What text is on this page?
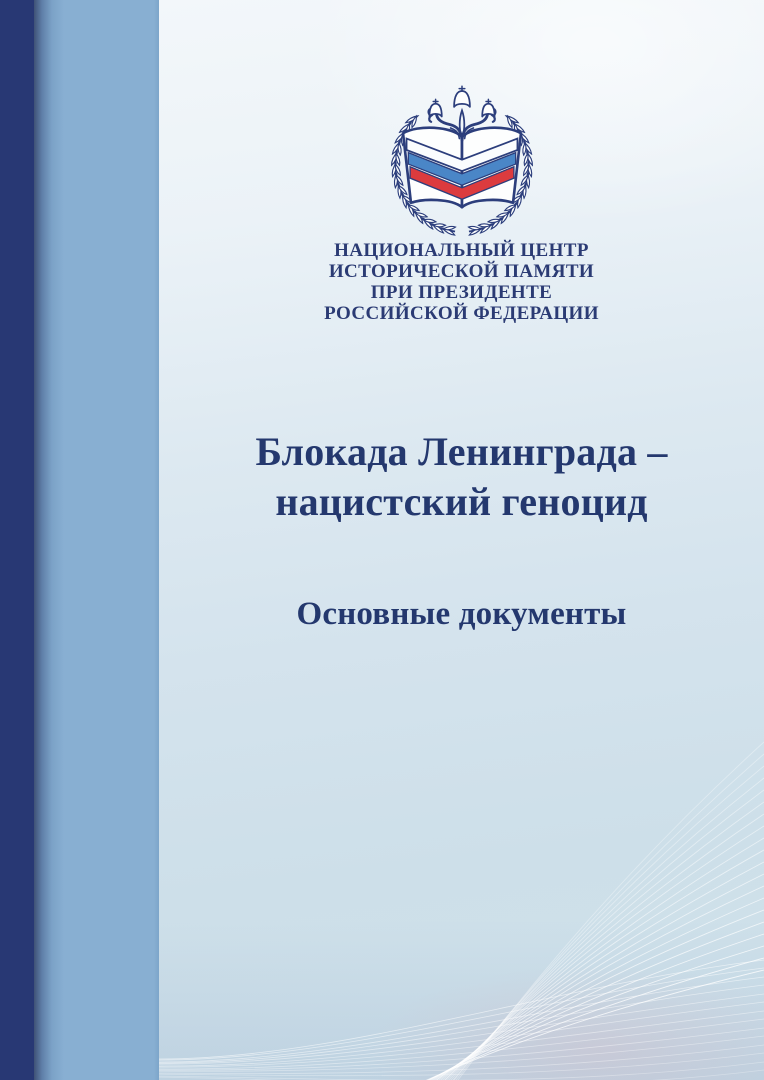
НАЦИОНАЛЬНЫЙ ЦЕНТР
ИСТОРИЧЕСКОЙ ПАМЯТИ
ПРИ ПРЕЗИДЕНТЕ
РОССИЙСКОЙ ФЕДЕРАЦИИ
Блокада Ленинграда –
нацистский геноцид
Основные документы
